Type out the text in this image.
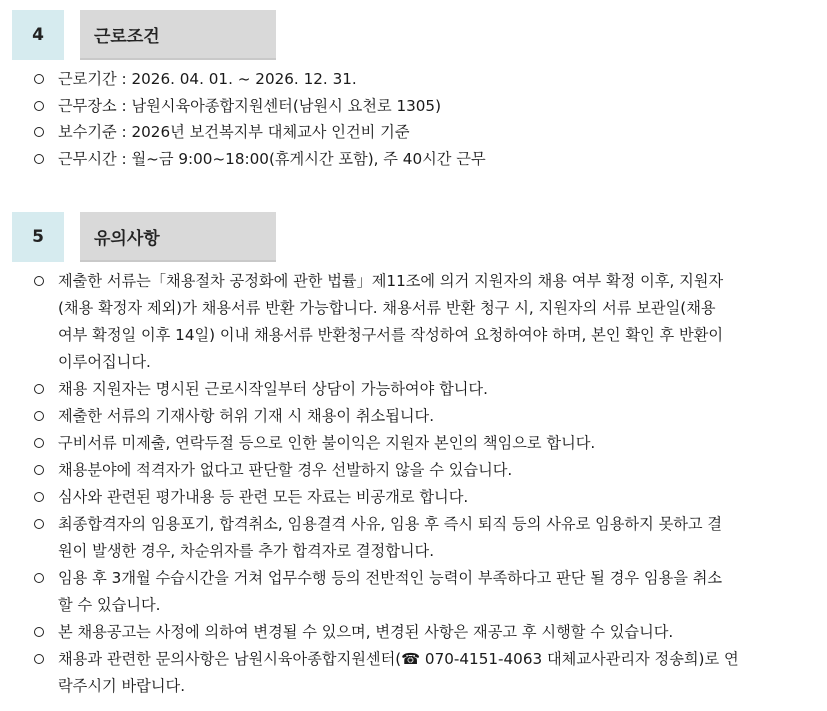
4	근로조건
근로기간 : 2026. 04. 01. ~ 2026. 12. 31.
근무장소 : 남원시육아종합지원센터(남원시 요천로 1305)
보수기준 : 2026년 보건복지부 대체교사 인건비 기준
근무시간 : 월~금 9:00~18:00(휴게시간 포함), 주 40시간 근무
5	유의사항
제출한 서류는「채용절차 공정화에 관한 법률」제11조에 의거 지원자의 채용 여부 확정 이후, 지원자
(채용 확정자 제외)가 채용서류 반환 가능합니다. 채용서류 반환 청구 시, 지원자의 서류 보관일(채용
여부 확정일 이후 14일) 이내 채용서류 반환청구서를 작성하여 요청하여야 하며, 본인 확인 후 반환이
이루어집니다.
채용 지원자는 명시된 근로시작일부터 상담이 가능하여야 합니다.
제출한 서류의 기재사항 허위 기재 시 채용이 취소됩니다.
구비서류 미제출, 연락두절 등으로 인한 불이익은 지원자 본인의 책임으로 합니다.
채용분야에 적격자가 없다고 판단할 경우 선발하지 않을 수 있습니다.
심사와 관련된 평가내용 등 관련 모든 자료는 비공개로 합니다.
최종합격자의 임용포기, 합격취소, 임용결격 사유, 임용 후 즉시 퇴직 등의 사유로 임용하지 못하고 결
원이 발생한 경우, 차순위자를 추가 합격자로 결정합니다.
임용 후 3개월 수습시간을 거쳐 업무수행 등의 전반적인 능력이 부족하다고 판단 될 경우 임용을 취소
할 수 있습니다.
본 채용공고는 사정에 의하여 변경될 수 있으며, 변경된 사항은 재공고 후 시행할 수 있습니다.
채용과 관련한 문의사항은 남원시육아종합지원센터(☎ 070-4151-4063 대체교사관리자 정송희)로 연
락주시기 바랍니다.
